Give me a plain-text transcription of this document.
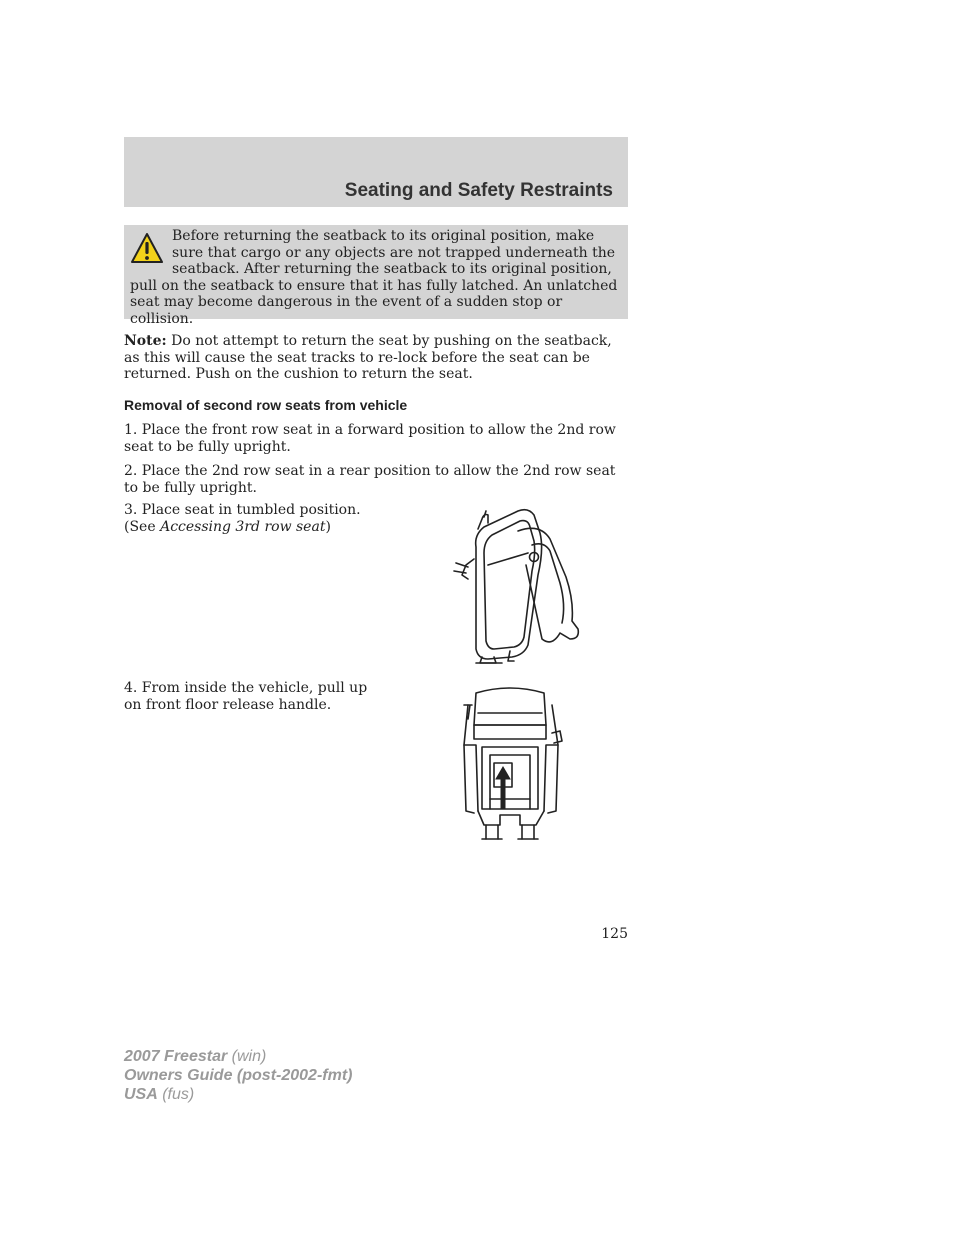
Seating and Safety Restraints
Before returning the seatback to its original position, make sure that cargo or any objects are not trapped underneath the seatback. After returning the seatback to its original position, pull on the seatback to ensure that it has fully latched. An unlatched seat may become dangerous in the event of a sudden stop or collision.

Note: Do not attempt to return the seat by pushing on the seatback, as this will cause the seat tracks to re-lock before the seat can be returned. Push on the cushion to return the seat.

Removal of second row seats from vehicle

1. Place the front row seat in a forward position to allow the 2nd row seat to be fully upright.

2. Place the 2nd row seat in a rear position to allow the 2nd row seat to be fully upright.

3. Place seat in tumbled position.
(See Accessing 3rd row seat)

4. From inside the vehicle, pull up
on front floor release handle.

125
2007 Freestar (win)
Owners Guide (post-2002-fmt)
USA (fus)
